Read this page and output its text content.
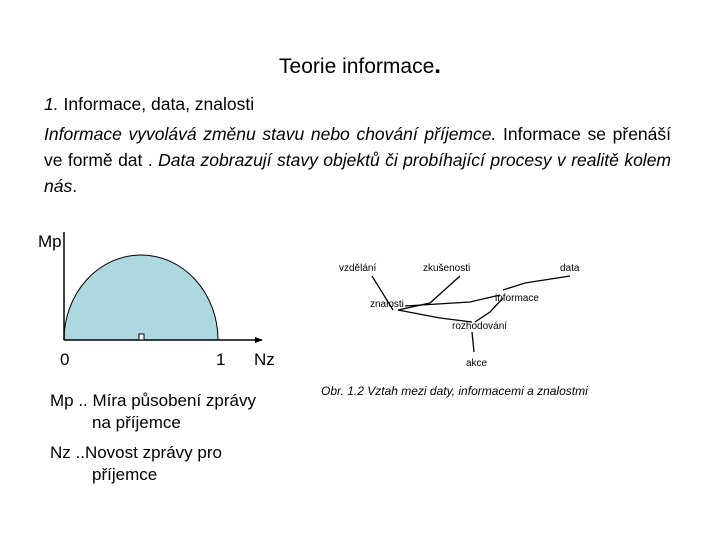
Teorie informace.
1. Informace, data, znalosti
Informace vyvolává změnu stavu nebo chování příjemce. Informace se přenáší ve formě dat . Data zobrazují stavy objektů či probíhající procesy v realitě kolem nás.
Mp
0	1 Nz
Mp .. Míra působení zprávy
na příjemce
Nz ..Novost zprávy pro
příjemce
vzdělání	zkušenosti	data
informace
znalosti
rozhodování
akce
Obr. 1.2 Vztah mezi daty, informacemi a znalostmi
